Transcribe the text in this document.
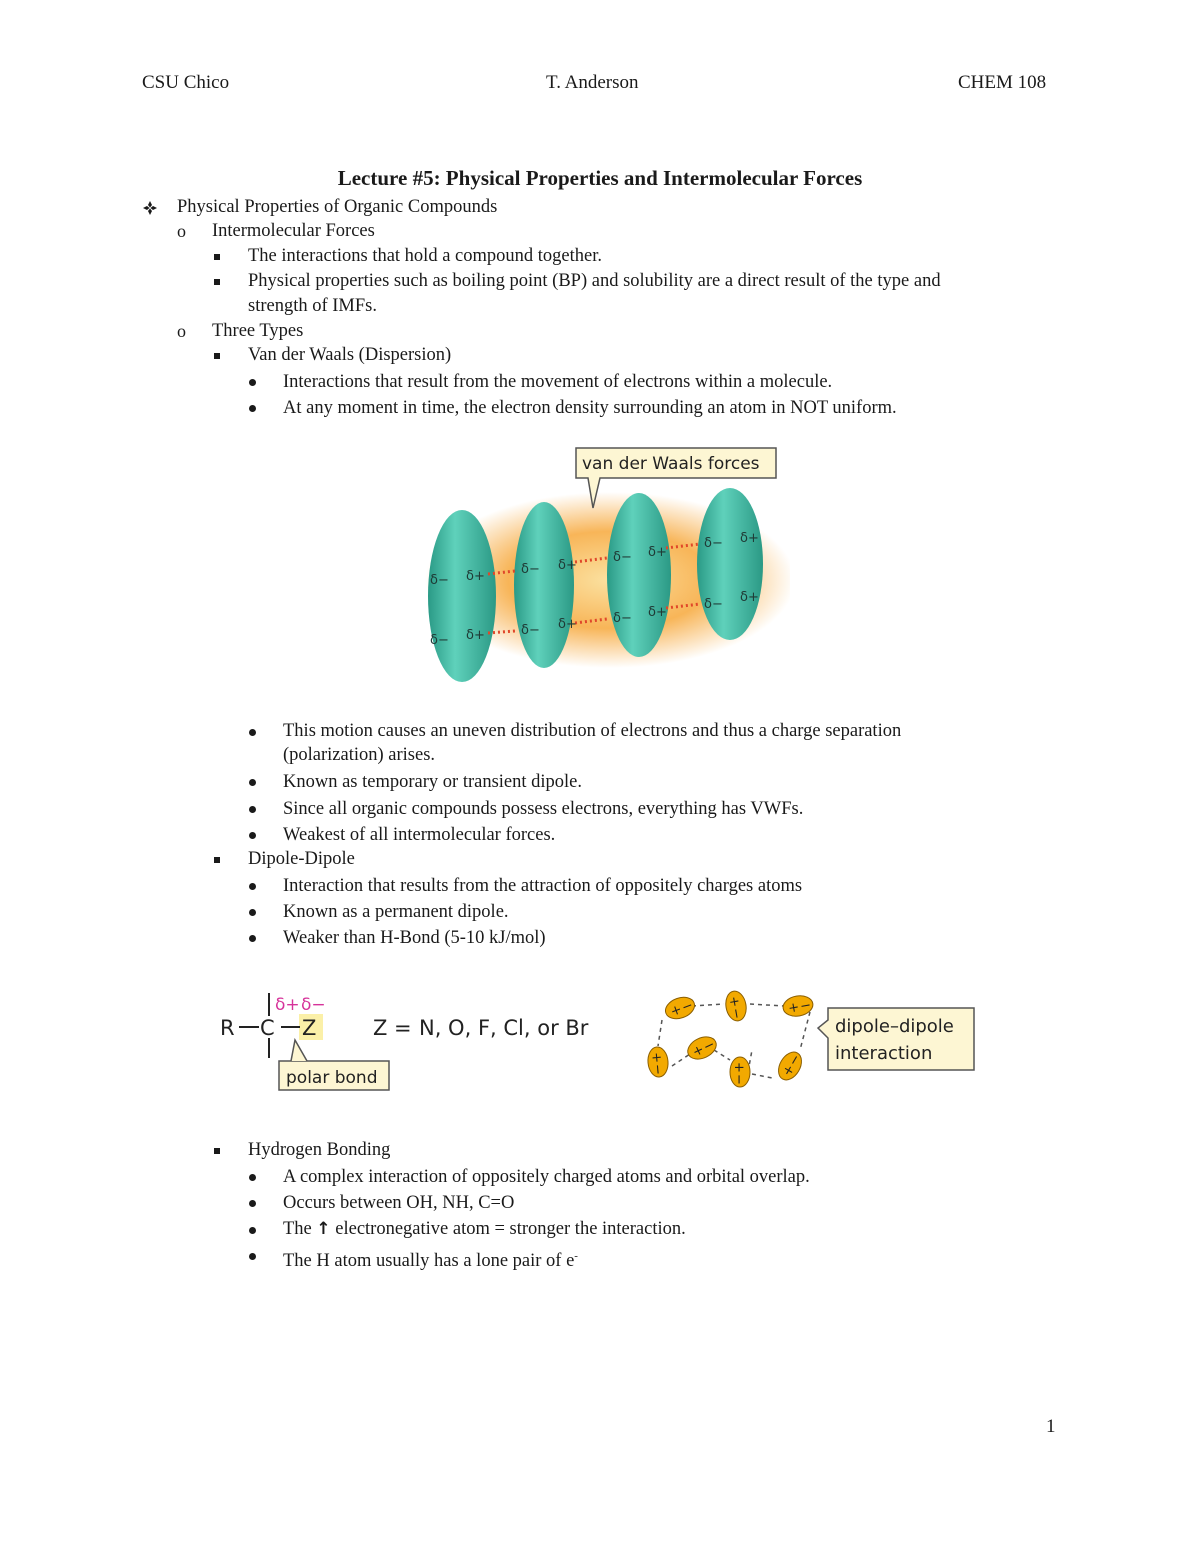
CSU Chico	T. Anderson	CHEM 108
Lecture #5: Physical Properties and Intermolecular Forces
Physical Properties of Organic Compounds
o Intermolecular Forces
The interactions that hold a compound together.
Physical properties such as boiling point (BP) and solubility are a direct result of the type and
strength of IMFs.
o Three Types
Van der Waals (Dispersion)
Interactions that result from the movement of electrons within a molecule.
At any moment in time, the electron density surrounding an atom in NOT uniform.
δ− δ+
δ− δ+
δ− δ+
δ− δ+
δ− δ+
δ− δ+
δ− δ+
δ− δ+
van der Waals forces
This motion causes an uneven distribution of electrons and thus a charge separation
(polarization) arises.
Known as temporary or transient dipole.
Since all organic compounds possess electrons, everything has VWFs.
Weakest of all intermolecular forces.
Dipole-Dipole
Interaction that results from the attraction of oppositely charges atoms
Known as a permanent dipole.
Weaker than H-Bond (5-10 kJ/mol)
R C Z	Z = N, O, F, Cl, or Br
δ+ δ−
polar bond
+
− +
−	+
−
+
−
+
−
+
−
+
−
dipole–dipole
interaction
Hydrogen Bonding
A complex interaction of oppositely charged atoms and orbital overlap.
Occurs between OH, NH, C=O
The ↑ electronegative atom = stronger the interaction.
The H atom usually has a lone pair of e-
1
